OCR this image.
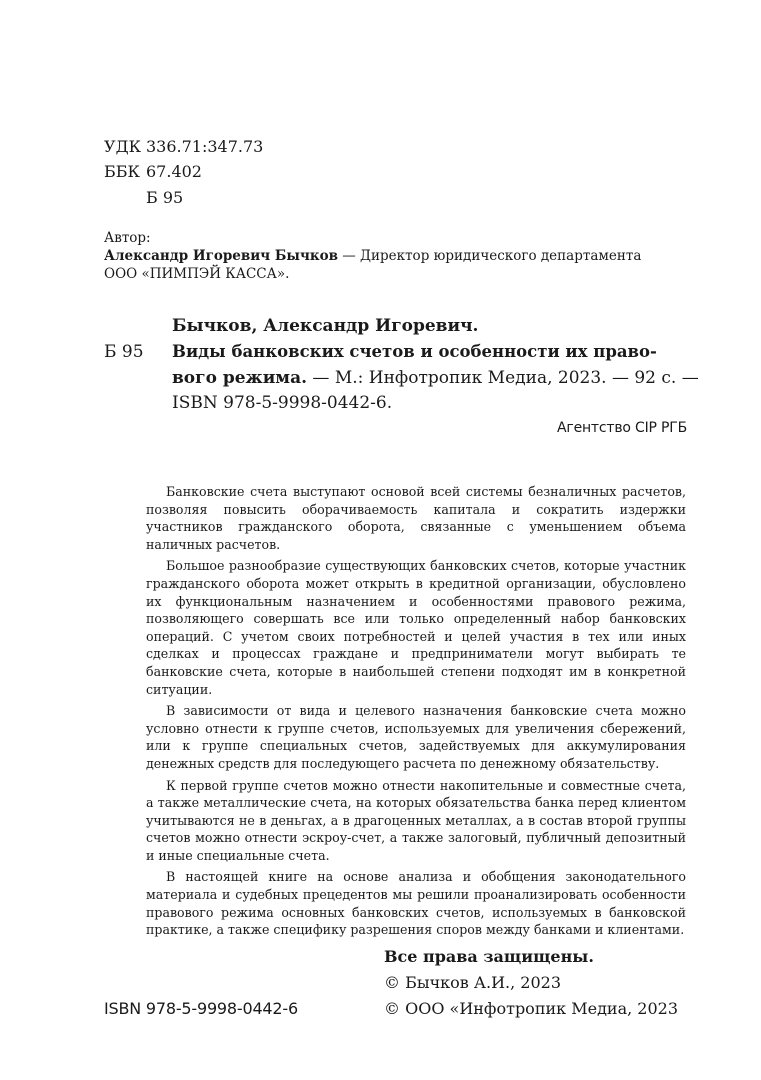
УДК 336.71:347.73
ББК 67.402
Б 95
Автор:
Александр Игоревич Бычков — Директор юридического департамента
ООО «ПИМПЭЙ КАССА».
Бычков, Александр Игоревич.
Б 95 Виды банковских счетов и особенности их право-
вого режима. — М.: Инфотропик Медиа, 2023. — 92 с. —
ISBN 978-5-9998-0442-6.
Агентство CIP РГБ

Банковские счета выступают основой всей системы безналичных расчетов, позволяя повысить оборачиваемость капитала и сократить издержки участников гражданского оборота, связанные с уменьшением объема наличных расчетов.

Большое разнообразие существующих банковских счетов, которые участник гражданского оборота может открыть в кредитной организации, обусловлено их функциональным назначением и особенностями правового режима, позволяющего совершать все или только определенный набор банковских операций. С учетом своих потребностей и целей участия в тех или иных сделках и процессах граждане и предприниматели могут выбирать те банковские счета, которые в наибольшей степени подходят им в конкретной ситуации.

В зависимости от вида и целевого назначения банковские счета можно условно отнести к группе счетов, используемых для увеличения сбережений, или к группе специальных счетов, задействуемых для аккумулирования денежных средств для последующего расчета по денежному обязательству.

К первой группе счетов можно отнести накопительные и совместные счета, а также металлические счета, на которых обязательства банка перед клиентом учитываются не в деньгах, а в драгоценных металлах, а в состав второй группы счетов можно отнести эскроу-счет, а также залоговый, публичный депозитный и иные специальные счета.

В настоящей книге на основе анализа и обобщения законодательного материала и судебных прецедентов мы решили проанализировать особенности правового режима основных банковских счетов, используемых в банковской практике, а также специфику разрешения споров между банками и клиентами.

Все права защищены.
© Бычков А.И., 2023
© ООО «Инфотропик Медиа, 2023
ISBN 978-5-9998-0442-6
